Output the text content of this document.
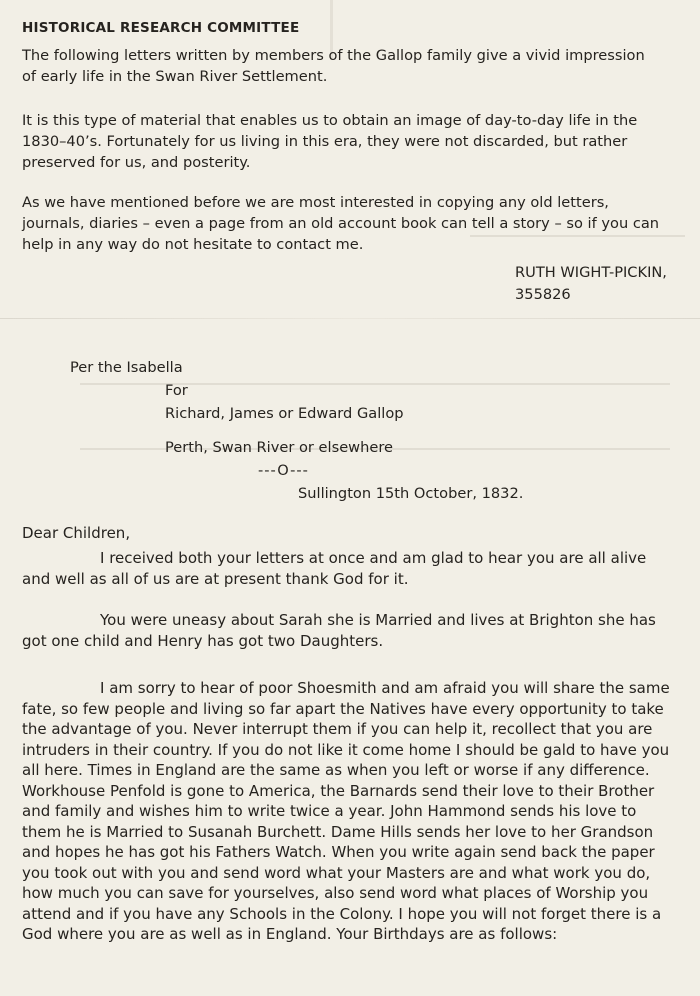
HISTORICAL RESEARCH COMMITTEE

The following letters written by members of the Gallop family give a vivid impression of early life in the Swan River Settlement.

It is this type of material that enables us to obtain an image of day-to-day life in the 1830–40’s. Fortunately for us living in this era, they were not discarded, but rather preserved for us, and posterity.

As we have mentioned before we are most interested in copying any old letters, journals, diaries – even a page from an old account book can tell a story – so if you can help in any way do not hesitate to contact me.

RUTH WIGHT-PICKIN,
355826
Per the Isabella
For
Richard, James or Edward Gallop
Perth, Swan River or elsewhere
---O---
Sullington 15th October, 1832.
Dear Children,

I received both your letters at once and am glad to hear you are all alive and well as all of us are at present thank God for it.

You were uneasy about Sarah she is Married and lives at Brighton she has got one child and Henry has got two Daughters.

I am sorry to hear of poor Shoesmith and am afraid you will share the same fate, so few people and living so far apart the Natives have every opportunity to take the advantage of you. Never interrupt them if you can help it, recollect that you are intruders in their country. If you do not like it come home I should be gald to have you all here. Times in England are the same as when you left or worse if any difference. Workhouse Penfold is gone to America, the Barnards send their love to their Brother and family and wishes him to write twice a year. John Hammond sends his love to them he is Married to Susanah Burchett. Dame Hills sends her love to her Grandson and hopes he has got his Fathers Watch. When you write again send back the paper you took out with you and send word what your Masters are and what work you do, how much you can save for yourselves, also send word what places of Worship you attend and if you have any Schools in the Colony. I hope you will not forget there is a God where you are as well as in England. Your Birthdays are as follows:
